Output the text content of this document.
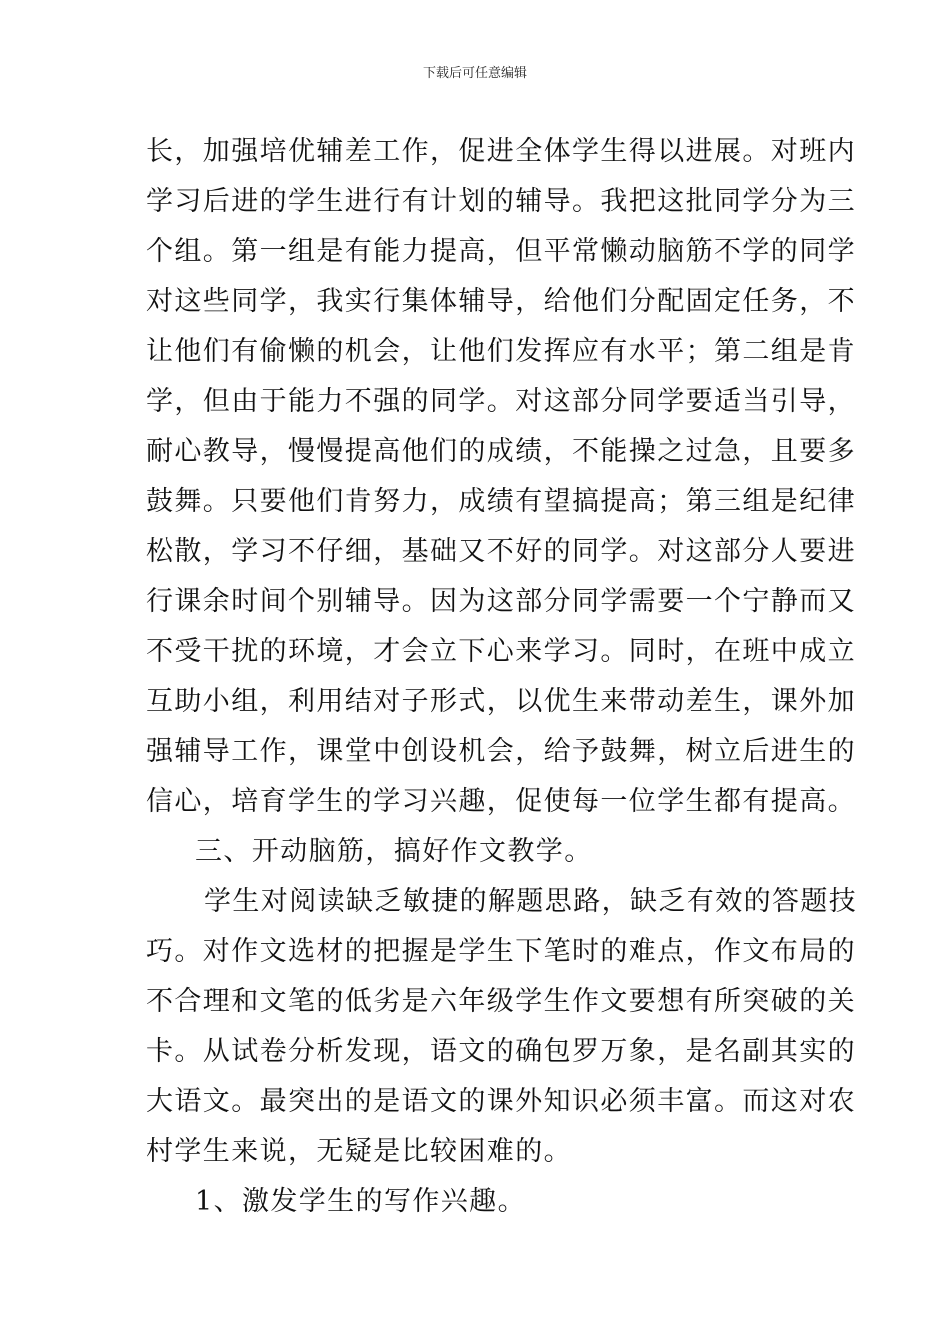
下载后可任意编辑
长，加强培优辅差工作，促进全体学生得以进展。对班内
学习后进的学生进行有计划的辅导。我把这批同学分为三
个组。第一组是有能力提高，但平常懒动脑筋不学的同学
对这些同学，我实行集体辅导，给他们分配固定任务，不
让他们有偷懒的机会，让他们发挥应有水平；第二组是肯
学，但由于能力不强的同学。对这部分同学要适当引导，
耐心教导，慢慢提高他们的成绩，不能操之过急，且要多
鼓舞。只要他们肯努力，成绩有望搞提高；第三组是纪律
松散，学习不仔细，基础又不好的同学。对这部分人要进
行课余时间个别辅导。因为这部分同学需要一个宁静而又
不受干扰的环境，才会立下心来学习。同时，在班中成立
互助小组，利用结对子形式，以优生来带动差生，课外加
强辅导工作，课堂中创设机会，给予鼓舞，树立后进生的
信心，培育学生的学习兴趣，促使每一位学生都有提高。
三、开动脑筋，搞好作文教学。
学生对阅读缺乏敏捷的解题思路，缺乏有效的答题技
巧。对作文选材的把握是学生下笔时的难点，作文布局的
不合理和文笔的低劣是六年级学生作文要想有所突破的关
卡。从试卷分析发现，语文的确包罗万象，是名副其实的
大语文。最突出的是语文的课外知识必须丰富。而这对农
村学生来说，无疑是比较困难的。
1、激发学生的写作兴趣。
